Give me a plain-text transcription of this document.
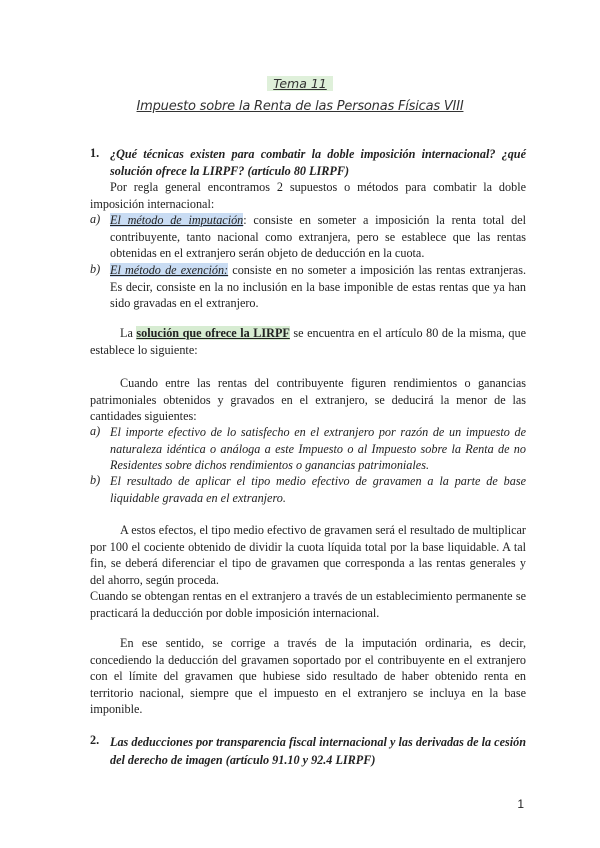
Tema 11
Impuesto sobre la Renta de las Personas Físicas VIII
1. ¿Qué técnicas existen para combatir la doble imposición internacional? ¿qué solución ofrece la LIRPF? (artículo 80 LIRPF)
Por regla general encontramos 2 supuestos o métodos para combatir la doble imposición internacional:
a) El método de imputación: consiste en someter a imposición la renta total del contribuyente, tanto nacional como extranjera, pero se establece que las rentas obtenidas en el extranjero serán objeto de deducción en la cuota.
b) El método de exención: consiste en no someter a imposición las rentas extranjeras. Es decir, consiste en la no inclusión en la base imponible de estas rentas que ya han sido gravadas en el extranjero.
La solución que ofrece la LIRPF se encuentra en el artículo 80 de la misma, que establece lo siguiente:
Cuando entre las rentas del contribuyente figuren rendimientos o ganancias patrimoniales obtenidos y gravados en el extranjero, se deducirá la menor de las cantidades siguientes:
a) El importe efectivo de lo satisfecho en el extranjero por razón de un impuesto de naturaleza idéntica o análoga a este Impuesto o al Impuesto sobre la Renta de no Residentes sobre dichos rendimientos o ganancias patrimoniales.
b) El resultado de aplicar el tipo medio efectivo de gravamen a la parte de base liquidable gravada en el extranjero.
A estos efectos, el tipo medio efectivo de gravamen será el resultado de multiplicar por 100 el cociente obtenido de dividir la cuota líquida total por la base liquidable. A tal fin, se deberá diferenciar el tipo de gravamen que corresponda a las rentas generales y del ahorro, según proceda.
Cuando se obtengan rentas en el extranjero a través de un establecimiento permanente se practicará la deducción por doble imposición internacional.
En ese sentido, se corrige a través de la imputación ordinaria, es decir, concediendo la deducción del gravamen soportado por el contribuyente en el extranjero con el límite del gravamen que hubiese sido resultado de haber obtenido renta en territorio nacional, siempre que el impuesto en el extranjero se incluya en la base imponible.
2. Las deducciones por transparencia fiscal internacional y las derivadas de la cesión del derecho de imagen (artículo 91.10 y 92.4 LIRPF)
1
